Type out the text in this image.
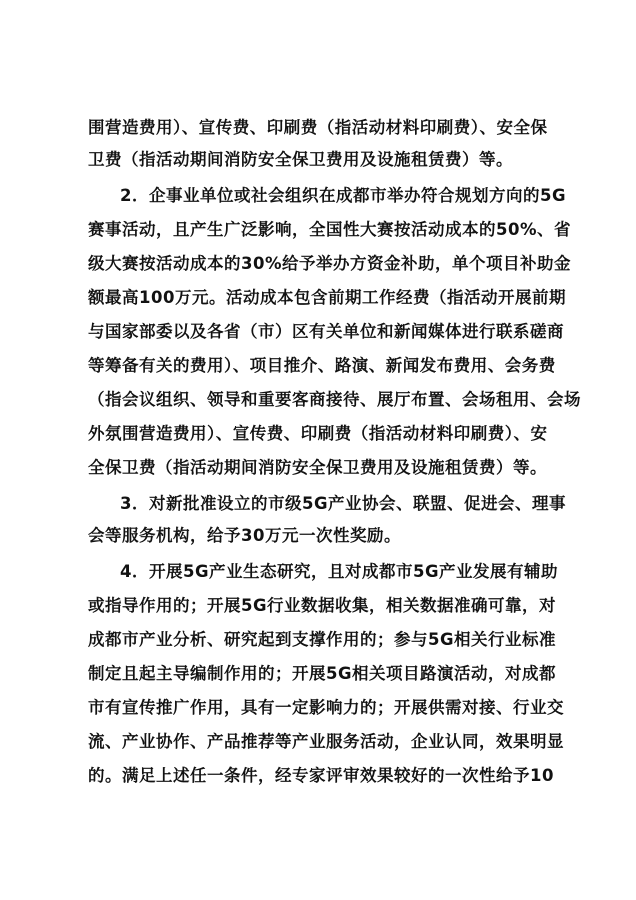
围营造费用）、宣传费、印刷费（指活动材料印刷费）、安全保
卫费（指活动期间消防安全保卫费用及设施租赁费）等。
2．企事业单位或社会组织在成都市举办符合规划方向的5G
赛事活动，且产生广泛影响，全国性大赛按活动成本的50%、省
级大赛按活动成本的30%给予举办方资金补助，单个项目补助金
额最高100万元。活动成本包含前期工作经费（指活动开展前期
与国家部委以及各省（市）区有关单位和新闻媒体进行联系磋商
等筹备有关的费用）、项目推介、路演、新闻发布费用、会务费
（指会议组织、领导和重要客商接待、展厅布置、会场租用、会场
外氛围营造费用）、宣传费、印刷费（指活动材料印刷费）、安
全保卫费（指活动期间消防安全保卫费用及设施租赁费）等。
3．对新批准设立的市级5G产业协会、联盟、促进会、理事
会等服务机构，给予30万元一次性奖励。
4．开展5G产业生态研究，且对成都市5G产业发展有辅助
或指导作用的；开展5G行业数据收集，相关数据准确可靠，对
成都市产业分析、研究起到支撑作用的；参与5G相关行业标准
制定且起主导编制作用的；开展5G相关项目路演活动，对成都
市有宣传推广作用，具有一定影响力的；开展供需对接、行业交
流、产业协作、产品推荐等产业服务活动，企业认同，效果明显
的。满足上述任一条件，经专家评审效果较好的一次性给予10
